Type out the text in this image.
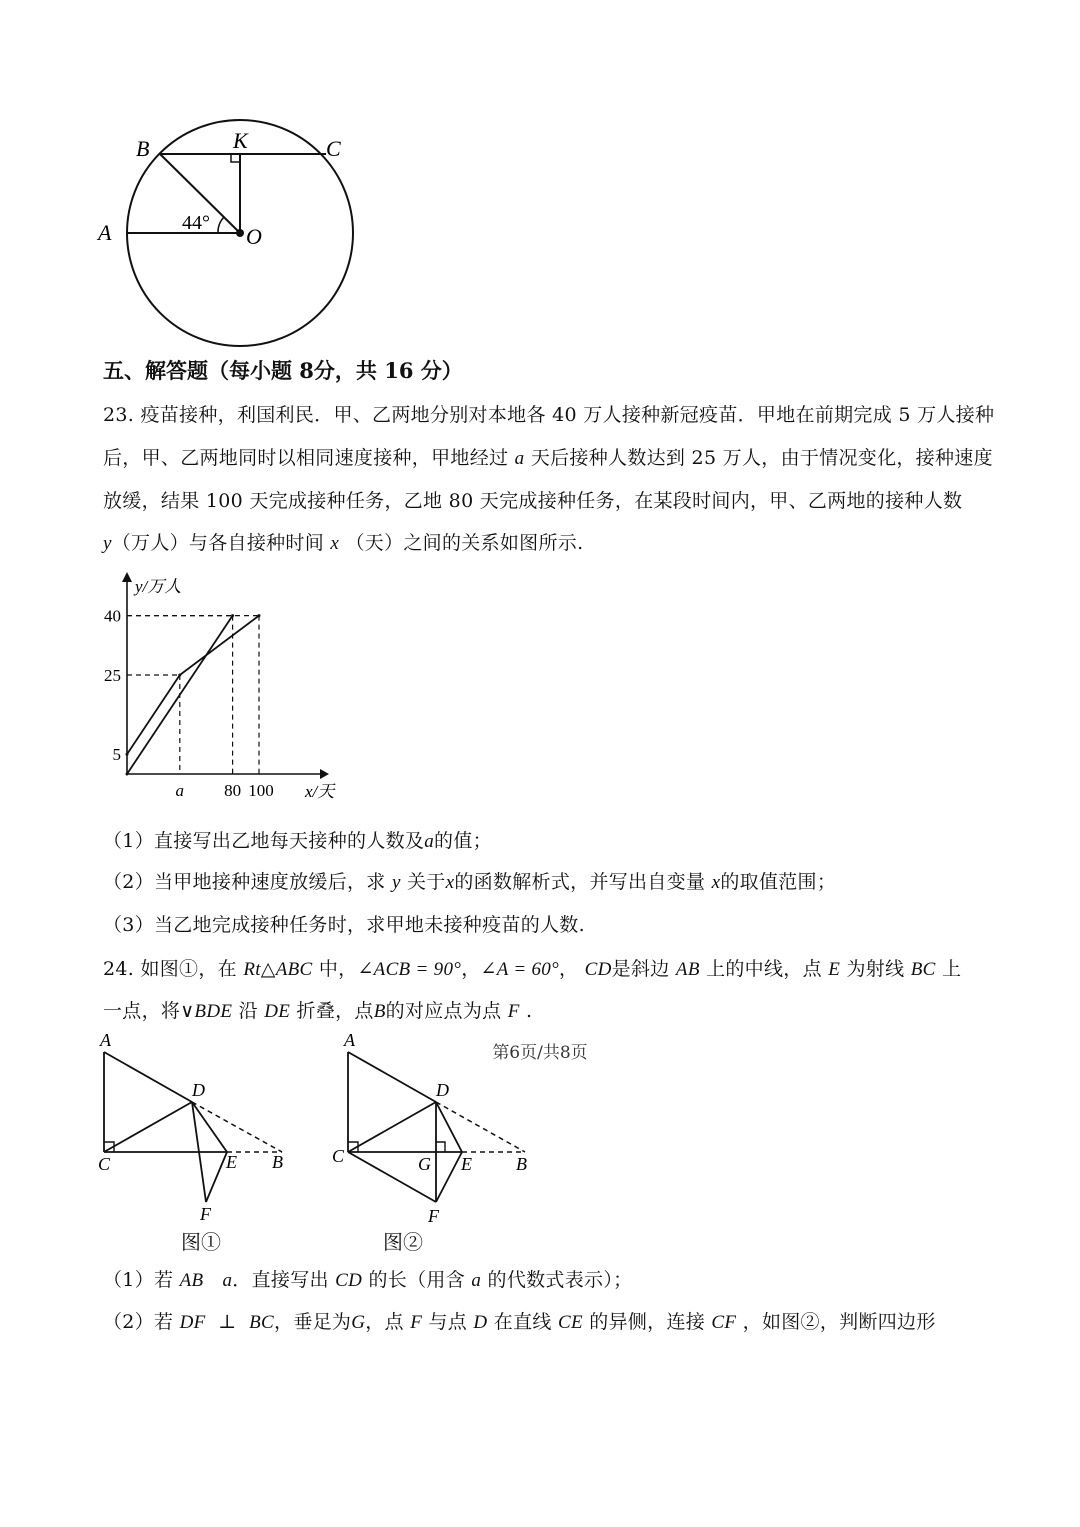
B	K	C
A	O
44°
五、解答题（每小题 8分，共 16 分）
23. 疫苗接种，利国利民．甲、乙两地分别对本地各 40 万人接种新冠疫苗．甲地在前期完成 5 万人接种
后，甲、乙两地同时以相同速度接种，甲地经过 a 天后接种人数达到 25 万人，由于情况变化，接种速度
放缓，结果 100 天完成接种任务，乙地 80 天完成接种任务，在某段时间内，甲、乙两地的接种人数
y（万人）与各自接种时间 x （天）之间的关系如图所示.
y/万人
x/天
5
25
40
a 80 100
（1）直接写出乙地每天接种的人数及a的值；
（2）当甲地接种速度放缓后，求 y 关于x的函数解析式，并写出自变量 x的取值范围；
（3）当乙地完成接种任务时，求甲地未接种疫苗的人数.
24. 如图①，在 Rt△ABC 中，∠ACB = 90°，∠A = 60°， CD是斜边 AB 上的中线，点 E 为射线 BC 上
一点，将∨BDE 沿 DE 折叠，点B的对应点为点 F .
A
D
C	E B
F
图①
A
D
C	G E B
F
图②
（1）若 AB a．直接写出 CD 的长（用含 a 的代数式表示）；
（2）若 DF ⊥ BC，垂足为G，点 F 与点 D 在直线 CE 的异侧，连接 CF ，如图②，判断四边形
第6页/共8页
